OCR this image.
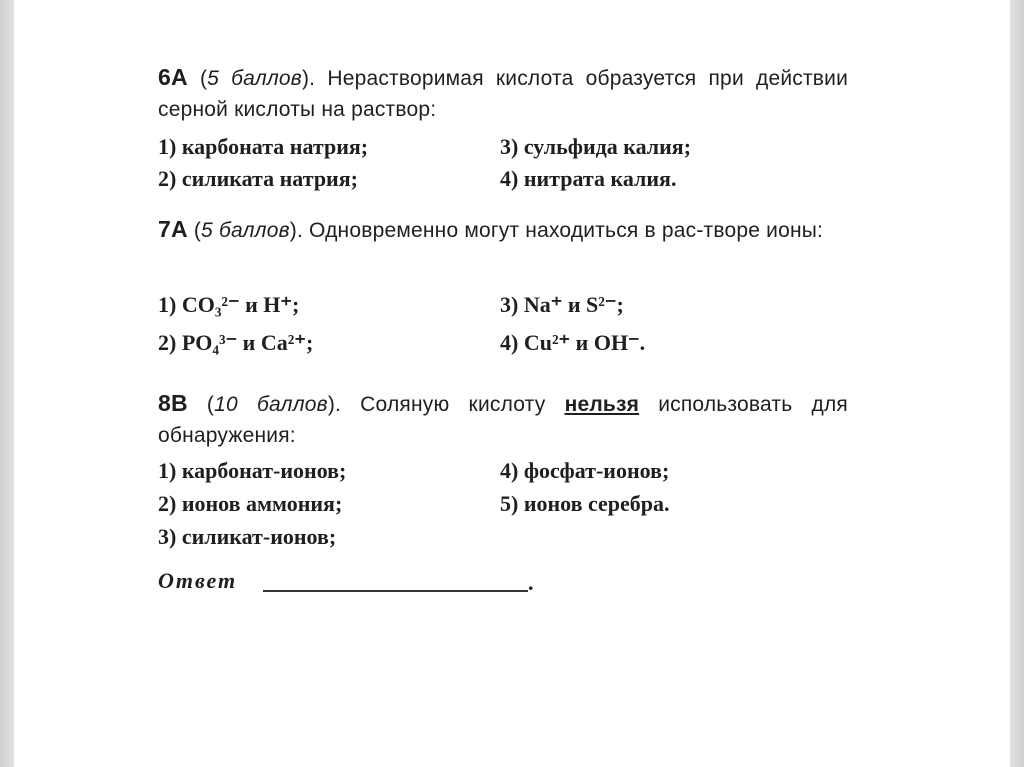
6А (5 баллов). Нерастворимая кислота образуется при действии серной кислоты на раствор:
1) карбоната натрия;
2) силиката натрия;
3) сульфида калия;
4) нитрата калия.
7А (5 баллов). Одновременно могут находиться в рас-творе ионы:
1) CO₃²⁻ и H⁺;
2) PO₄³⁻ и Ca²⁺;
3) Na⁺ и S²⁻;
4) Cu²⁺ и OH⁻.
8В (10 баллов). Соляную кислоту нельзя использовать для обнаружения:
1) карбонат-ионов;
2) ионов аммония;
3) силикат-ионов;
4) фосфат-ионов;
5) ионов серебра.
Ответ	.
